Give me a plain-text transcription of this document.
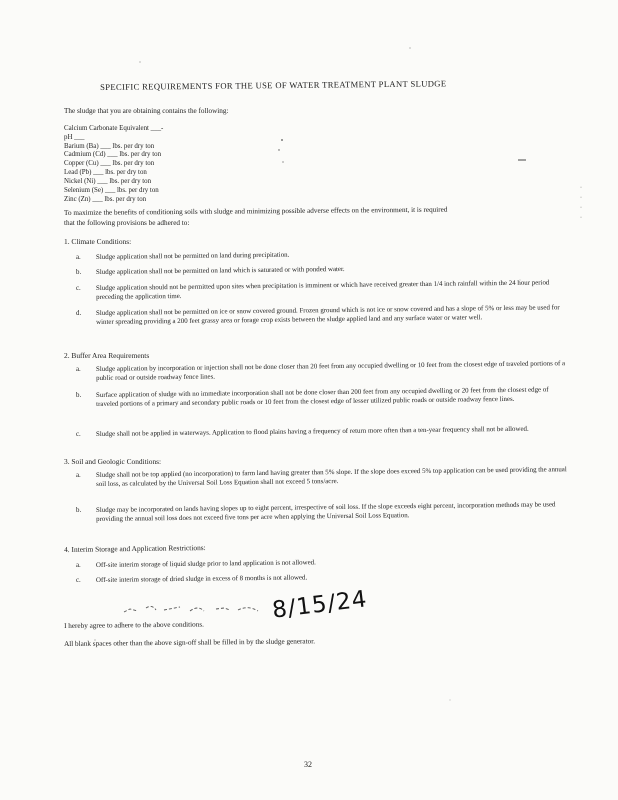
SPECIFIC REQUIREMENTS FOR THE USE OF WATER TREATMENT PLANT SLUDGE
The sludge that you are obtaining contains the following:
Calcium Carbonate Equivalent ___-
pH ___
Barium (Ba) ___ lbs. per dry ton
Cadmium (Cd) ___ lbs. per dry ton
Copper (Cu) ___ lbs. per dry ton
Lead (Pb) ___ lbs. per dry ton
Nickel (Ni) ___ lbs. per dry ton
Selenium (Se) ___ lbs. per dry ton
Zinc (Zn) ___ lbs. per dry ton
To maximize the benefits of conditioning soils with sludge and minimizing possible adverse effects on the environment, it is required
that the following provisions be adhered to:
1. Climate Conditions:
a. Sludge application shall not be permitted on land during precipitation.
b. Sludge application shall not be permitted on land which is saturated or with ponded water.
c. Sludge application should not be permitted upon sites when precipitation is imminent or which have received greater than 1/4 inch rainfall within the 24 hour period preceding the application time.
d. Sludge application shall not be permitted on ice or snow covered ground. Frozen ground which is not ice or snow covered and has a slope of 5% or less may be used for winter spreading providing a 200 feet grassy area or forage crop exists between the sludge applied land and any surface water or water well.
2. Buffer Area Requirements
a. Sludge application by incorporation or injection shall not be done closer than 20 feet from any occupied dwelling or 10 feet from the closest edge of traveled portions of a public road or outside roadway fence lines.
b. Surface application of sludge with no immediate incorporation shall not be done closer than 200 feet from any occupied dwelling or 20 feet from the closest edge of traveled portions of a primary and secondary public roads or 10 feet from the closest edge of lesser utilized public roads or outside roadway fence lines.
c. Sludge shall not be applied in waterways. Application to flood plains having a frequency of return more often than a ten-year frequency shall not be allowed.
3. Soil and Geologic Conditions:
a. Sludge shall not be top applied (no incorporation) to farm land having greater than 5% slope. If the slope does exceed 5% top application can be used providing the annual soil loss, as calculated by the Universal Soil Loss Equation shall not exceed 5 tons/acre.
b. Sludge may be incorporated on lands having slopes up to eight percent, irrespective of soil loss. If the slope exceeds eight percent, incorporation methods may be used providing the annual soil loss does not exceed five tons per acre when applying the Universal Soil Loss Equation.
4. Interim Storage and Application Restrictions:
a. Off-site interim storage of liquid sludge prior to land application is not allowed.
c. Off-site interim storage of dried sludge in excess of 8 months is not allowed.
8/15/24
I hereby agree to adhere to the above conditions.
All blank spaces other than the above sign-off shall be filled in by the sludge generator.
32
·
·
·
·
